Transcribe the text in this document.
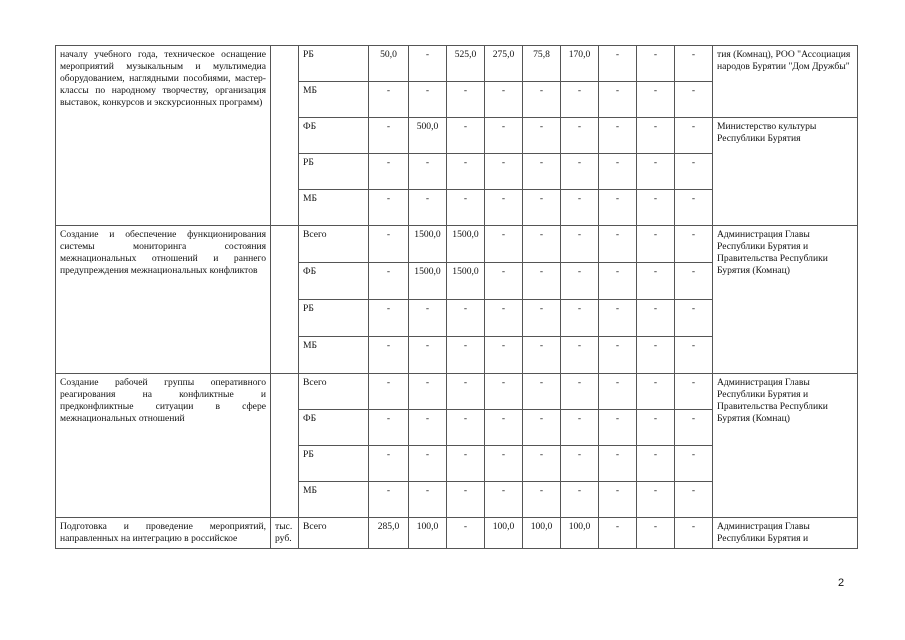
началу учебного года, техническое оснащение мероприятий музыкальным и мультимедиа оборудованием, наглядными пособиями, мастер-классы по народному творчеству, организация выставок, конкурсов и экскурсионных программ)		РБ	50,0	-	525,0	275,0	75,8	170,0	-	-	-	тия (Комнац), РОО "Ассоциация народов Бурятии "Дом Дружбы"
		МБ	-	-	-	-	-	-	-	-	-	
		ФБ	-	500,0	-	-	-	-	-	-	-	Министерство культуры Республики Бурятия
		РБ	-	-	-	-	-	-	-	-	-	
		МБ	-	-	-	-	-	-	-	-	-	
Создание и обеспечение функционирования системы мониторинга состояния межнациональных отношений и раннего предупреждения межнациональных конфликтов		Всего	-	1500,0	1500,0	-	-	-	-	-	-	Администрация Главы Республики Бурятия и Правительства Республики Бурятия (Комнац)
		ФБ	-	1500,0	1500,0	-	-	-	-	-	-	
		РБ	-	-	-	-	-	-	-	-	-	
		МБ	-	-	-	-	-	-	-	-	-	
Создание рабочей группы оперативного реагирования на конфликтные и предконфликтные ситуации в сфере межнациональных отношений		Всего	-	-	-	-	-	-	-	-	-	Администрация Главы Республики Бурятия и Правительства Республики Бурятия (Комнац)
		ФБ	-	-	-	-	-	-	-	-	-	
		РБ	-	-	-	-	-	-	-	-	-	
		МБ	-	-	-	-	-	-	-	-	-	
Подготовка и проведение мероприятий, направленных на интеграцию в российское	тыс. руб.	Всего	285,0	100,0	-	100,0	100,0	100,0	-	-	-	Администрация Главы Республики Бурятия и
2
